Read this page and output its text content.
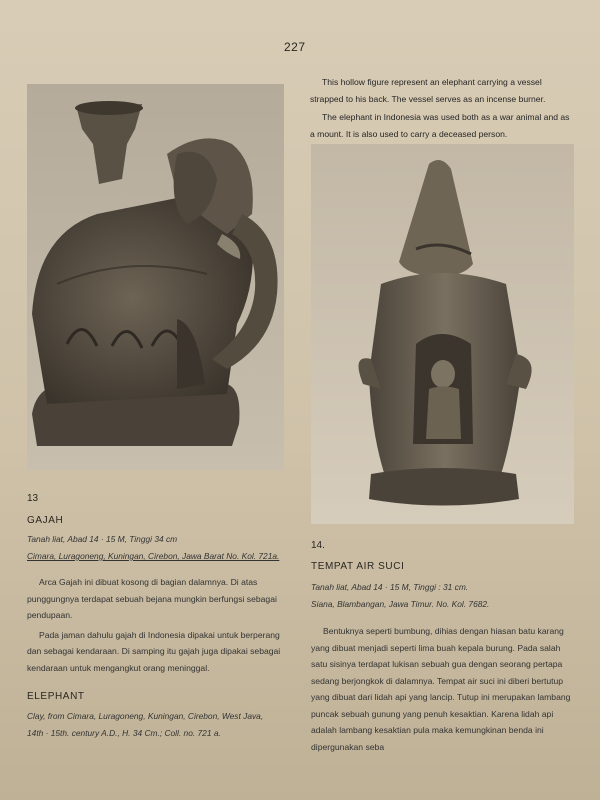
227

This hollow figure represent an elephant carrying a vessel strapped to his back. The vessel serves as an incense burner.

The elephant in Indonesia was used both as a war animal and as a mount. It is also used to carry a deceased person.

13
GAJAH
Tanah liat, Abad 14 · 15 M, Tinggi 34 cm
Cimara, Luragoneng, Kuningan, Cirebon, Jawa Barat No. Kol. 721a.

Arca Gajah ini dibuat kosong di bagian dalamnya. Di atas punggungnya terdapat sebuah bejana mungkin berfungsi sebagai pendupaan.

Pada jaman dahulu gajah di Indonesia dipakai untuk berperang dan sebagai kendaraan. Di samping itu gajah juga dipakai sebagai kendaraan untuk mengangkut orang meninggal.

ELEPHANT
Clay, from Cimara, Luragoneng, Kuningan, Cirebon, West Java,
14th · 15th. century A.D., H. 34 Cm.; Coll. no. 721 a.
14.
TEMPAT AIR SUCI
Tanah liat, Abad 14 · 15 M, Tinggi : 31 cm.
Siana, Blambangan, Jawa Timur. No. Kol. 7682.

Bentuknya seperti bumbung, dihias dengan hiasan batu karang yang dibuat menjadi seperti lima buah kepala burung. Pada salah satu sisinya terdapat lukisan sebuah gua dengan seorang pertapa sedang berjongkok di dalamnya. Tempat air suci ini diberi bertutup yang dibuat dari lidah api yang lancip. Tutup ini merupakan lambang puncak sebuah gunung yang penuh kesaktian. Karena lidah api adalah lambang kesaktian pula maka kemungkinan benda ini dipergunakan seba
